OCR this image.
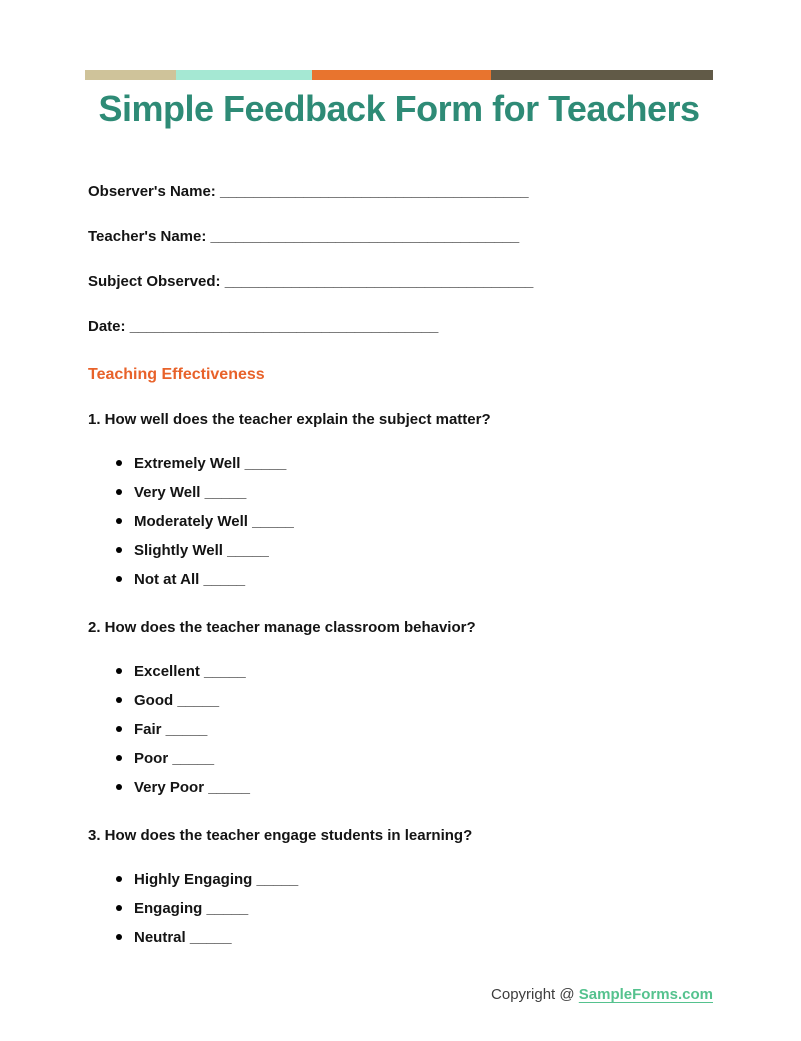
Simple Feedback Form for Teachers
Observer's Name: _____________________________________
Teacher's Name: _____________________________________
Subject Observed: _____________________________________
Date: _____________________________________
Teaching Effectiveness
1. How well does the teacher explain the subject matter?
Extremely Well _____
Very Well _____
Moderately Well _____
Slightly Well _____
Not at All _____
2. How does the teacher manage classroom behavior?
Excellent _____
Good _____
Fair _____
Poor _____
Very Poor _____
3. How does the teacher engage students in learning?
Highly Engaging _____
Engaging _____
Neutral _____
Copyright @ SampleForms.com
